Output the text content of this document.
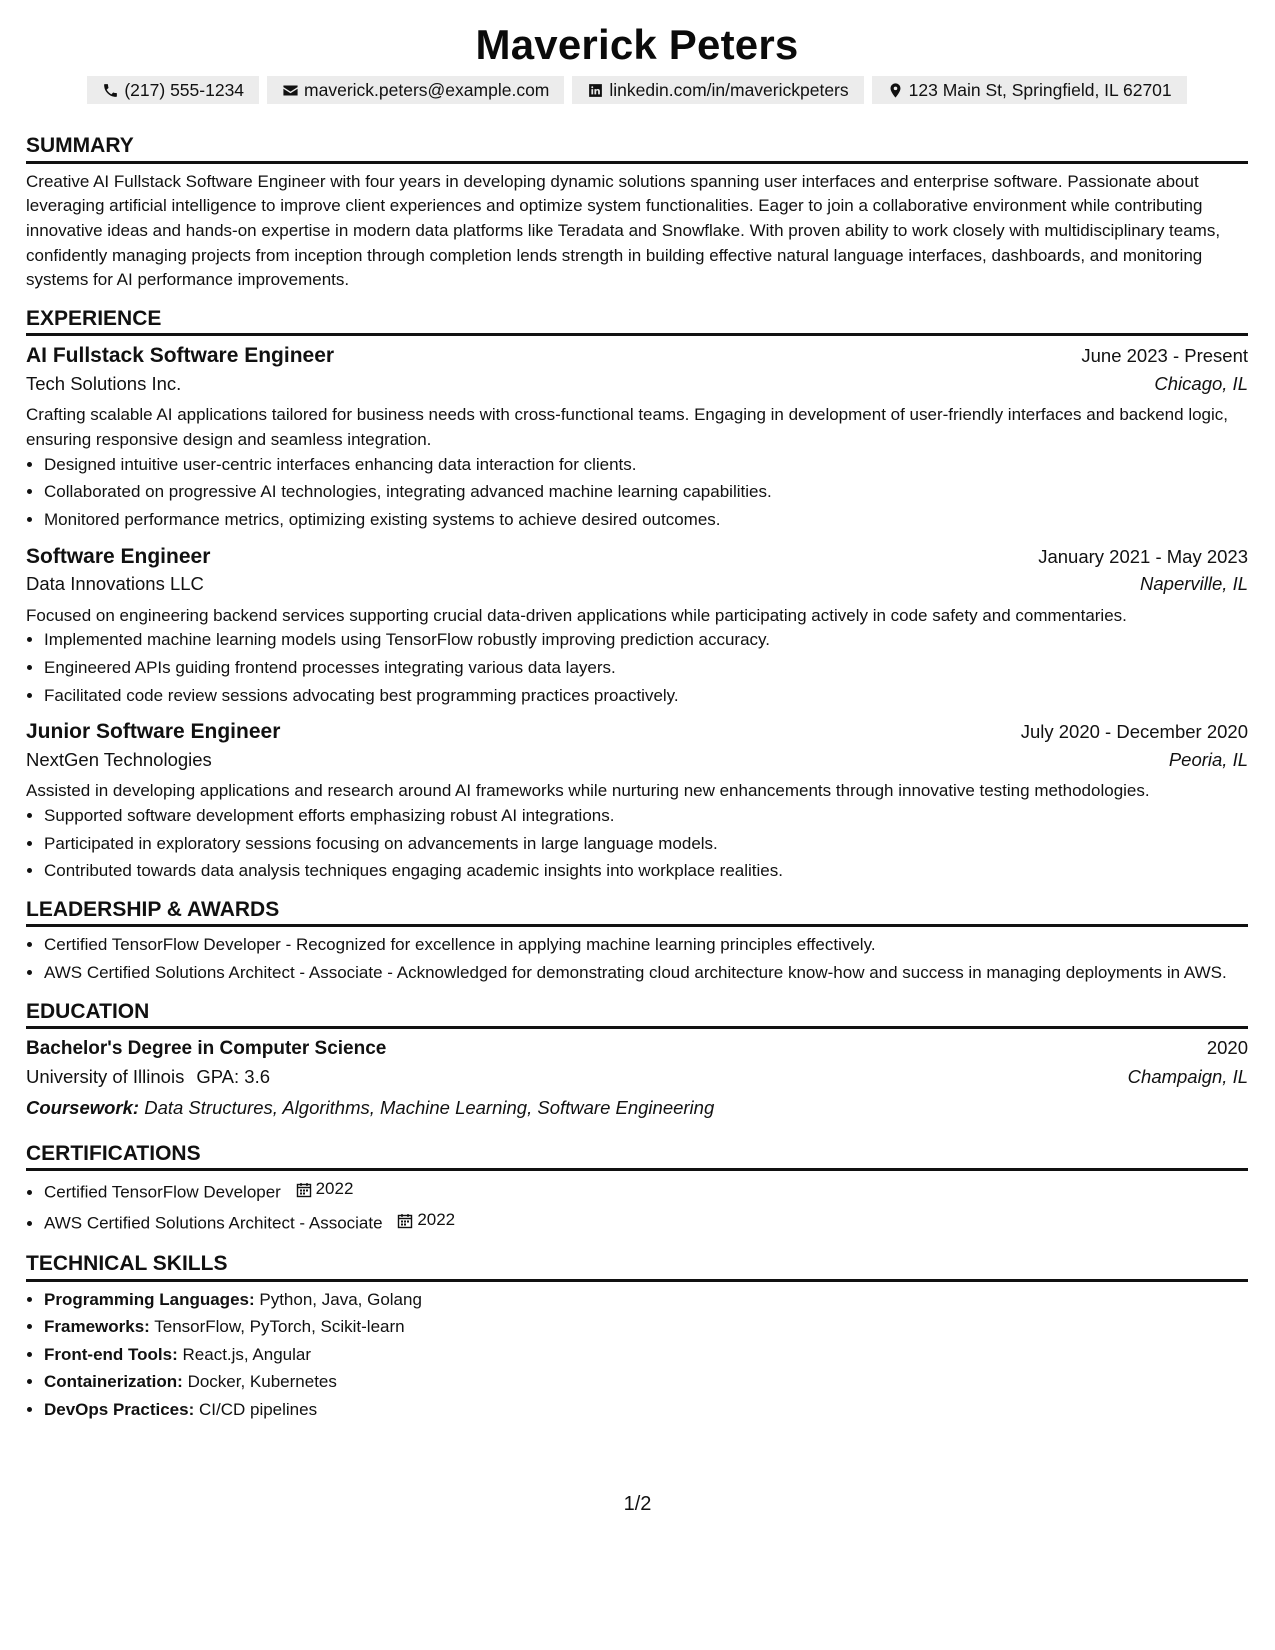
Maverick Peters
(217) 555-1234	maverick.peters@example.com	linkedin.com/in/maverickpeters	123 Main St, Springfield, IL 62701
SUMMARY

Creative AI Fullstack Software Engineer with four years in developing dynamic solutions spanning user interfaces and enterprise software. Passionate about leveraging artificial intelligence to improve client experiences and optimize system functionalities. Eager to join a collaborative environment while contributing innovative ideas and hands-on expertise in modern data platforms like Teradata and Snowflake. With proven ability to work closely with multidisciplinary teams, confidently managing projects from inception through completion lends strength in building effective natural language interfaces, dashboards, and monitoring systems for AI performance improvements.

EXPERIENCE
AI Fullstack Software Engineer	June 2023 - Present
Tech Solutions Inc.	Chicago, IL

Crafting scalable AI applications tailored for business needs with cross-functional teams. Engaging in development of user-friendly interfaces and backend logic, ensuring responsive design and seamless integration.

• Designed intuitive user-centric interfaces enhancing data interaction for clients.
• Collaborated on progressive AI technologies, integrating advanced machine learning capabilities.
• Monitored performance metrics, optimizing existing systems to achieve desired outcomes.
Software Engineer	January 2021 - May 2023
Data Innovations LLC	Naperville, IL

Focused on engineering backend services supporting crucial data-driven applications while participating actively in code safety and commentaries.

• Implemented machine learning models using TensorFlow robustly improving prediction accuracy.
• Engineered APIs guiding frontend processes integrating various data layers.
• Facilitated code review sessions advocating best programming practices proactively.
Junior Software Engineer	July 2020 - December 2020
NextGen Technologies	Peoria, IL

Assisted in developing applications and research around AI frameworks while nurturing new enhancements through innovative testing methodologies.

• Supported software development efforts emphasizing robust AI integrations.
• Participated in exploratory sessions focusing on advancements in large language models.
• Contributed towards data analysis techniques engaging academic insights into workplace realities.
LEADERSHIP & AWARDS
• Certified TensorFlow Developer - Recognized for excellence in applying machine learning principles effectively.
• AWS Certified Solutions Architect - Associate - Acknowledged for demonstrating cloud architecture know-how and success in managing deployments in AWS.
EDUCATION
Bachelor's Degree in Computer Science	2020
University of Illinois GPA: 3.6	Champaign, IL
Coursework: Data Structures, Algorithms, Machine Learning, Software Engineering
CERTIFICATIONS
• Certified TensorFlow Developer 2022
• AWS Certified Solutions Architect - Associate 2022
TECHNICAL SKILLS
• Programming Languages: Python, Java, Golang
• Frameworks: TensorFlow, PyTorch, Scikit-learn
• Front-end Tools: React.js, Angular
• Containerization: Docker, Kubernetes
• DevOps Practices: CI/CD pipelines
1/2
